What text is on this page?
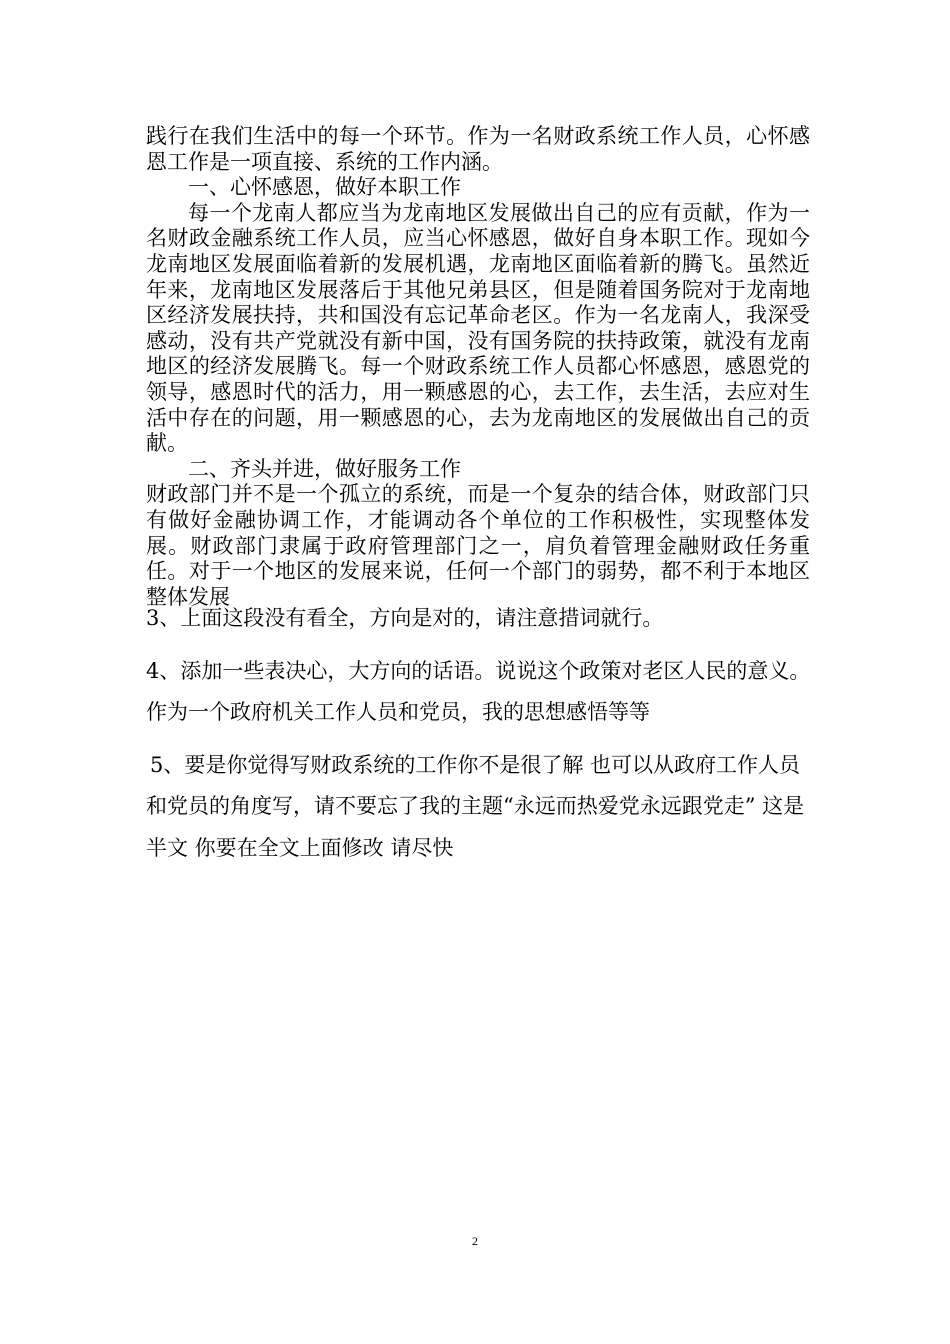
践行在我们生活中的每一个环节。作为一名财政系统工作人员，心怀感恩工作是一项直接、系统的工作内涵。

一、心怀感恩，做好本职工作

每一个龙南人都应当为龙南地区发展做出自己的应有贡献，作为一名财政金融系统工作人员，应当心怀感恩，做好自身本职工作。现如今龙南地区发展面临着新的发展机遇，龙南地区面临着新的腾飞。虽然近年来，龙南地区发展落后于其他兄弟县区，但是随着国务院对于龙南地区经济发展扶持，共和国没有忘记革命老区。作为一名龙南人，我深受感动，没有共产党就没有新中国，没有国务院的扶持政策，就没有龙南地区的经济发展腾飞。每一个财政系统工作人员都心怀感恩，感恩党的领导，感恩时代的活力，用一颗感恩的心，去工作，去生活，去应对生活中存在的问题，用一颗感恩的心，去为龙南地区的发展做出自己的贡献。

二、齐头并进，做好服务工作

财政部门并不是一个孤立的系统，而是一个复杂的结合体，财政部门只有做好金融协调工作，才能调动各个单位的工作积极性，实现整体发展。财政部门隶属于政府管理部门之一，肩负着管理金融财政任务重任。对于一个地区的发展来说，任何一个部门的弱势，都不利于本地区整体发展

3、上面这段没有看全，方向是对的，请注意措词就行。

4、添加一些表决心，大方向的话语。说说这个政策对老区人民的意义。作为一个政府机关工作人员和党员，我的思想感悟等等

5、要是你觉得写财政系统的工作你不是很了解 也可以从政府工作人员和党员的角度写，请不要忘了我的主题“永远而热爱党永远跟党走” 这是半文 你要在全文上面修改 请尽快

2
